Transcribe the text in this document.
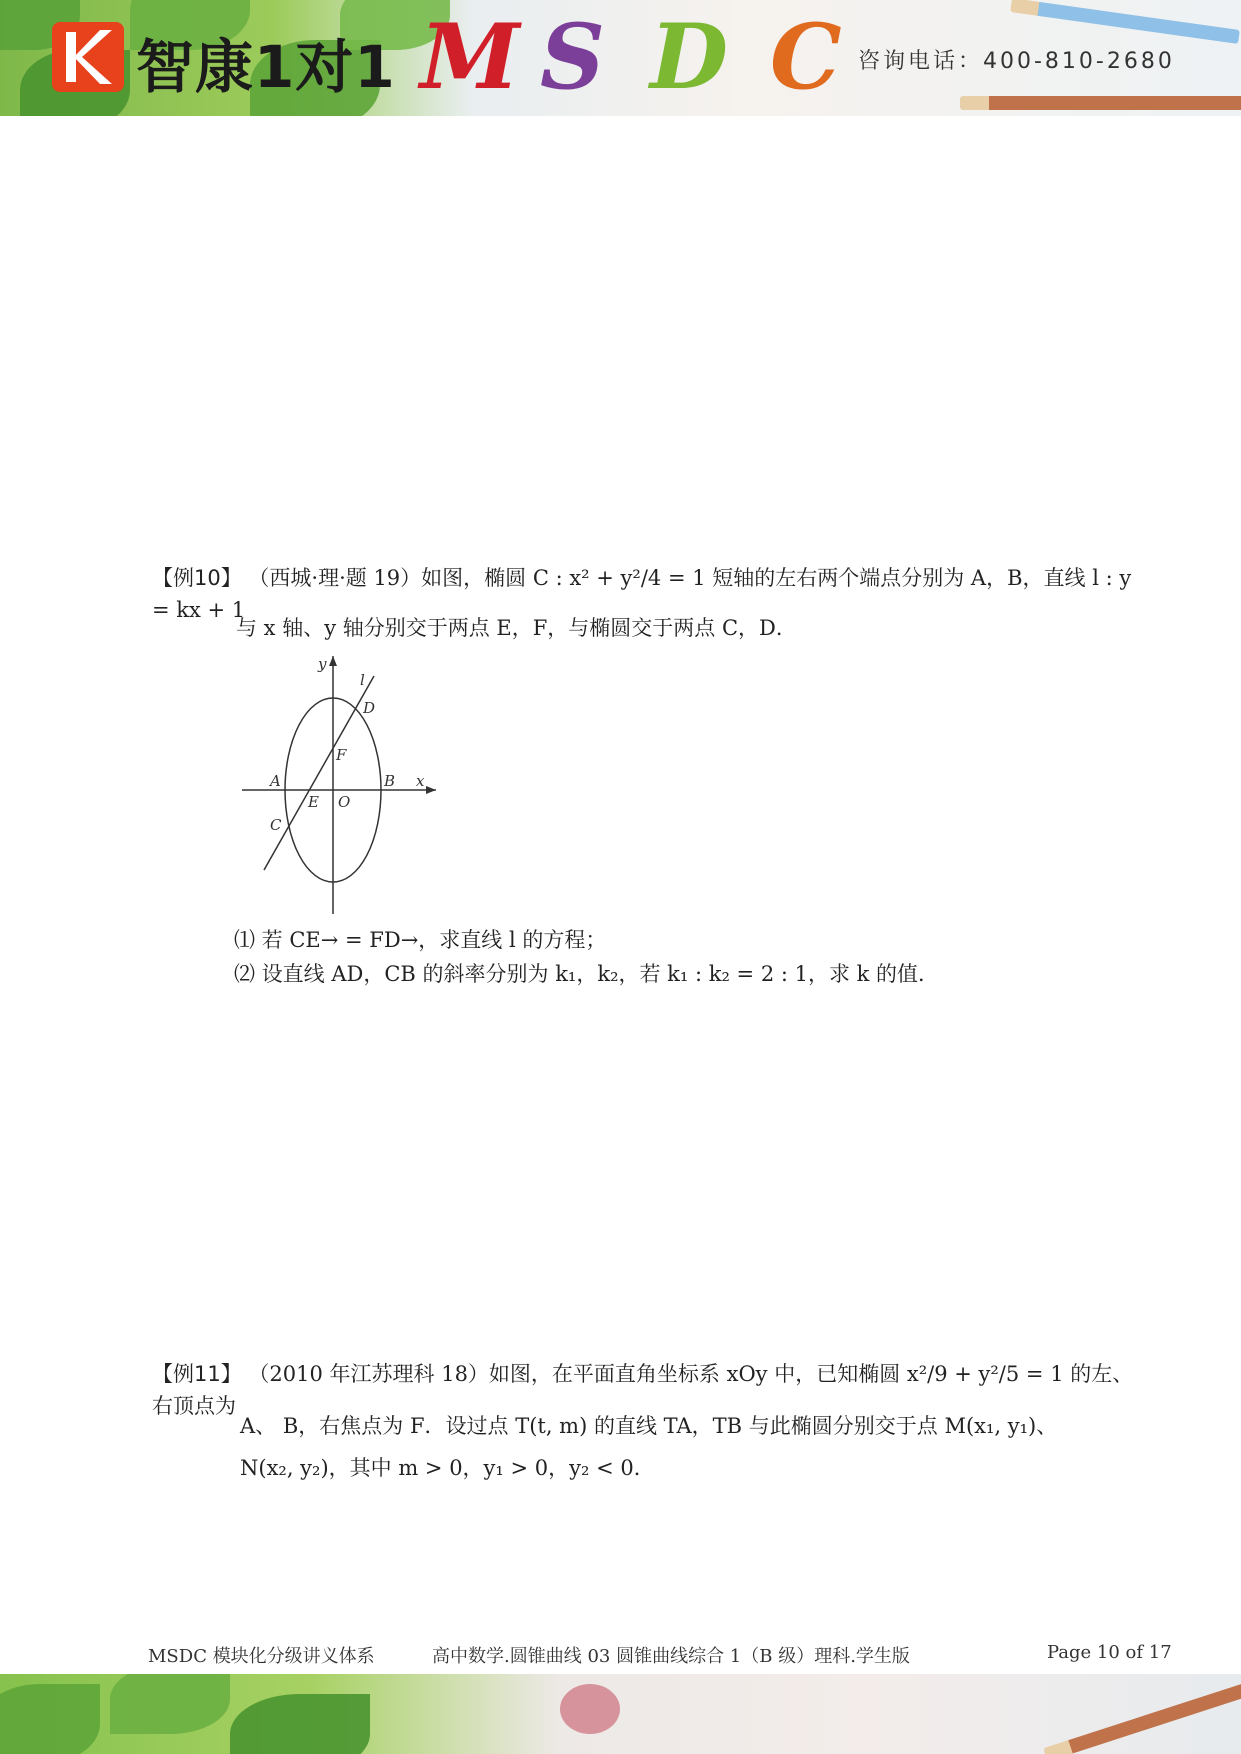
智康1对1 M S D C 咨询电话：400-810-2680
【例10】 （西城·理·题 19）如图，椭圆 C : x² + y²/4 = 1 短轴的左右两个端点分别为 A，B，直线 l : y = kx + 1
与 x 轴、y 轴分别交于两点 E，F，与椭圆交于两点 C，D．
y
l
D
F
A	B x
E O
C
⑴ 若 CE→ = FD→，求直线 l 的方程；
⑵ 设直线 AD，CB 的斜率分别为 k₁，k₂，若 k₁ : k₂ = 2 : 1，求 k 的值．
【例11】 （2010 年江苏理科 18）如图，在平面直角坐标系 xOy 中，已知椭圆 x²/9 + y²/5 = 1 的左、右顶点为
A、 B，右焦点为 F．设过点 T(t, m) 的直线 TA，TB 与此椭圆分别交于点 M(x₁, y₁)、
N(x₂, y₂)，其中 m > 0，y₁ > 0，y₂ < 0．
MSDC 模块化分级讲义体系	高中数学.圆锥曲线 03 圆锥曲线综合 1（B 级）理科.学生版	Page 10 of 17
